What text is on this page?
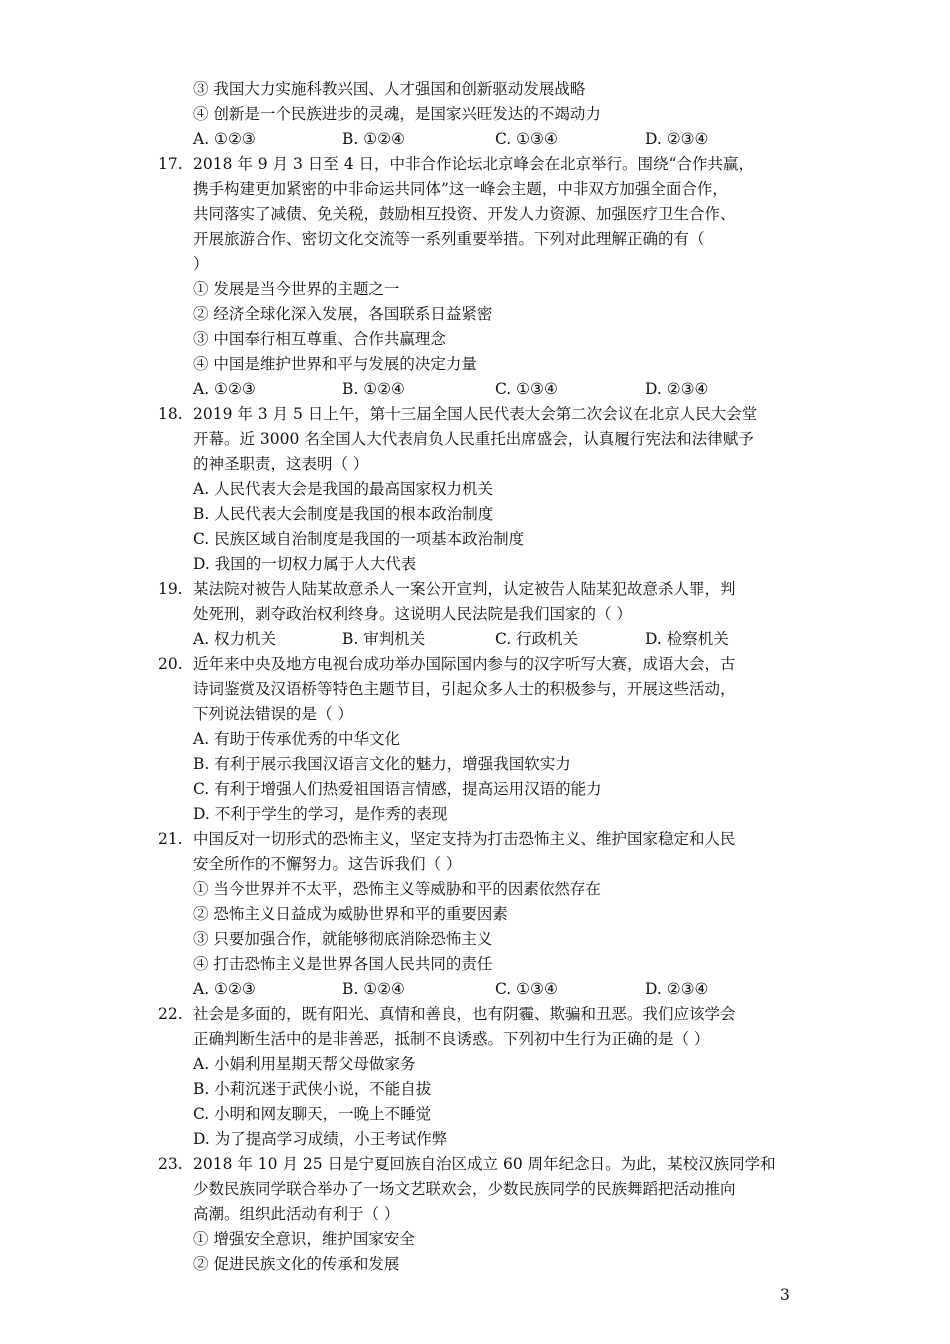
③ 我国大力实施科教兴国、人才强国和创新驱动发展战略
④ 创新是一个民族进步的灵魂，是国家兴旺发达的不竭动力
A. ①②③	B. ①②④	C. ①③④	D. ②③④
17. 2018 年 9 月 3 日至 4 日，中非合作论坛北京峰会在北京举行。围绕“合作共赢，
携手构建更加紧密的中非命运共同体”这一峰会主题，中非双方加强全面合作，
共同落实了减债、免关税，鼓励相互投资、开发人力资源、加强医疗卫生合作、
开展旅游合作、密切文化交流等一系列重要举措。下列对此理解正确的有（
）
① 发展是当今世界的主题之一
② 经济全球化深入发展，各国联系日益紧密
③ 中国奉行相互尊重、合作共赢理念
④ 中国是维护世界和平与发展的决定力量
A. ①②③	B. ①②④	C. ①③④	D. ②③④
18. 2019 年 3 月 5 日上午，第十三届全国人民代表大会第二次会议在北京人民大会堂
开幕。近 3000 名全国人大代表肩负人民重托出席盛会，认真履行宪法和法律赋予
的神圣职责，这表明（ ）
A. 人民代表大会是我国的最高国家权力机关
B. 人民代表大会制度是我国的根本政治制度
C. 民族区域自治制度是我国的一项基本政治制度
D. 我国的一切权力属于人大代表
19. 某法院对被告人陆某故意杀人一案公开宣判，认定被告人陆某犯故意杀人罪，判
处死刑，剥夺政治权利终身。这说明人民法院是我们国家的（ ）
A. 权力机关	B. 审判机关	C. 行政机关	D. 检察机关
20. 近年来中央及地方电视台成功举办国际国内参与的汉字听写大赛，成语大会，古
诗词鉴赏及汉语桥等特色主题节目，引起众多人士的积极参与，开展这些活动，
下列说法错误的是（ ）
A. 有助于传承优秀的中华文化
B. 有利于展示我国汉语言文化的魅力，增强我国软实力
C. 有利于增强人们热爱祖国语言情感，提高运用汉语的能力
D. 不利于学生的学习，是作秀的表现
21. 中国反对一切形式的恐怖主义，坚定支持为打击恐怖主义、维护国家稳定和人民
安全所作的不懈努力。这告诉我们（ ）
① 当今世界并不太平，恐怖主义等威胁和平的因素依然存在
② 恐怖主义日益成为威胁世界和平的重要因素
③ 只要加强合作，就能够彻底消除恐怖主义
④ 打击恐怖主义是世界各国人民共同的责任
A. ①②③	B. ①②④	C. ①③④	D. ②③④
22. 社会是多面的，既有阳光、真情和善良，也有阴霾、欺骗和丑恶。我们应该学会
正确判断生活中的是非善恶，抵制不良诱惑。下列初中生行为正确的是（ ）
A. 小娟利用星期天帮父母做家务
B. 小莉沉迷于武侠小说，不能自拔
C. 小明和网友聊天，一晚上不睡觉
D. 为了提高学习成绩，小王考试作弊
23. 2018 年 10 月 25 日是宁夏回族自治区成立 60 周年纪念日。为此，某校汉族同学和
少数民族同学联合举办了一场文艺联欢会，少数民族同学的民族舞蹈把活动推向
高潮。组织此活动有利于（ ）
① 增强安全意识，维护国家安全
② 促进民族文化的传承和发展
3
